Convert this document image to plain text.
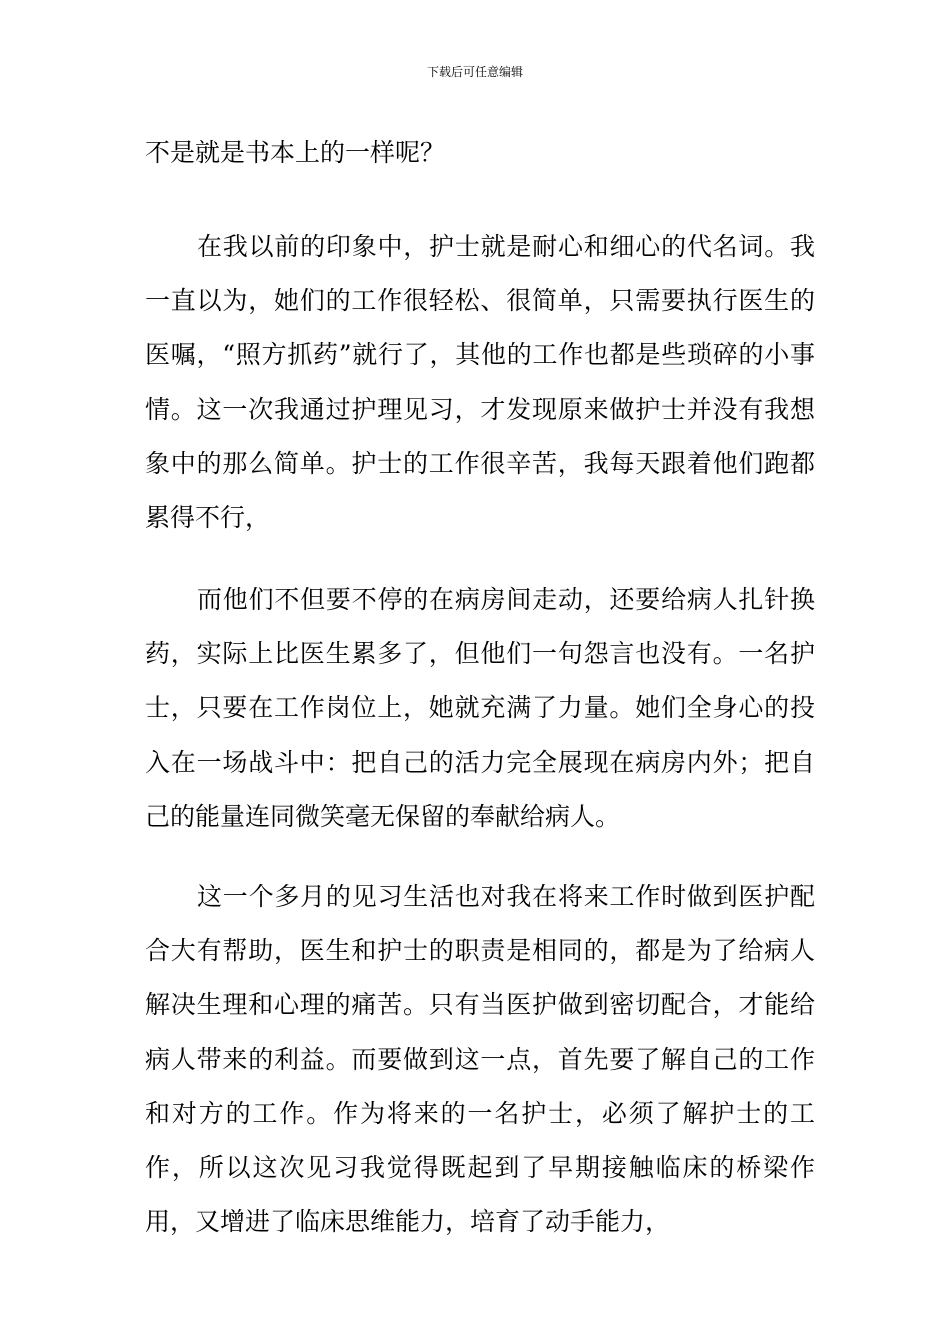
下载后可任意编辑

不是就是书本上的一样呢？

在我以前的印象中，护士就是耐心和细心的代名词。我一直以为，她们的工作很轻松、很简单，只需要执行医生的医嘱，“照方抓药”就行了，其他的工作也都是些琐碎的小事情。这一次我通过护理见习，才发现原来做护士并没有我想象中的那么简单。护士的工作很辛苦，我每天跟着他们跑都累得不行，

而他们不但要不停的在病房间走动，还要给病人扎针换药，实际上比医生累多了，但他们一句怨言也没有。一名护士，只要在工作岗位上，她就充满了力量。她们全身心的投入在一场战斗中：把自己的活力完全展现在病房内外；把自己的能量连同微笑毫无保留的奉献给病人。

这一个多月的见习生活也对我在将来工作时做到医护配合大有帮助，医生和护士的职责是相同的，都是为了给病人解决生理和心理的痛苦。只有当医护做到密切配合，才能给病人带来的利益。而要做到这一点，首先要了解自己的工作和对方的工作。作为将来的一名护士，必须了解护士的工作，所以这次见习我觉得既起到了早期接触临床的桥梁作用，又增进了临床思维能力，培育了动手能力，
